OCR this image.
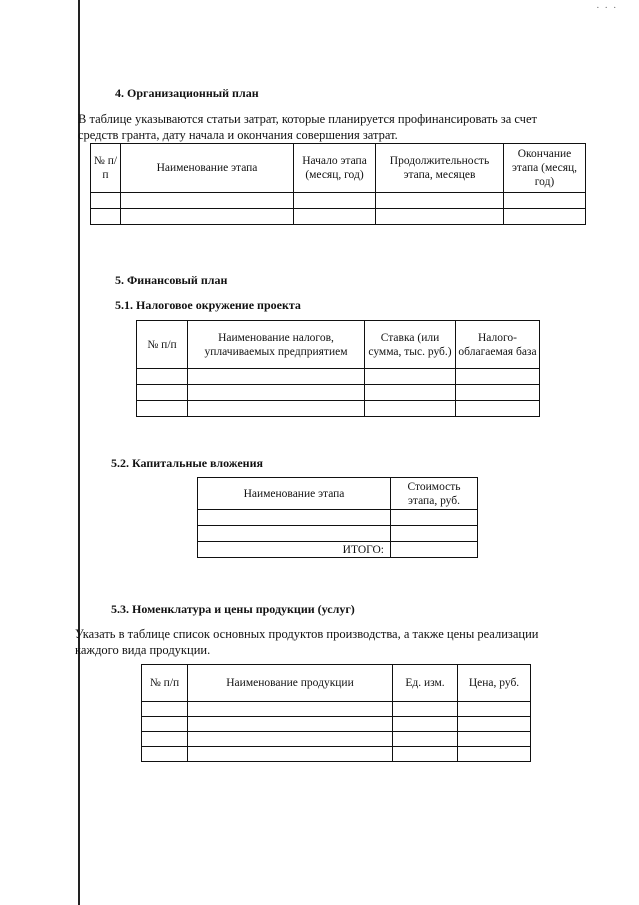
· · ·
4. Организационный план
В таблице указываются статьи затрат, которые планируется профинансировать за счет
средств гранта, дату начала и окончания совершения затрат.
№ п/п	Наименование этапа	Начало этапа (месяц, год)	Продолжительность этапа, месяцев	Окончание этапа (месяц, год)

5. Финансовый план
5.1. Налоговое окружение проекта
№ п/п	Наименование налогов, уплачиваемых предприятием	Ставка (или сумма, тыс. руб.)	Налого-облагаемая база

5.2. Капитальные вложения
Наименование этапа	Стоимость этапа, руб.

ИТОГО:	
5.3. Номенклатура и цены продукции (услуг)
Указать в таблице список основных продуктов производства, а также цены реализации
каждого вида продукции.
№ п/п	Наименование продукции	Ед. изм.	Цена, руб.
